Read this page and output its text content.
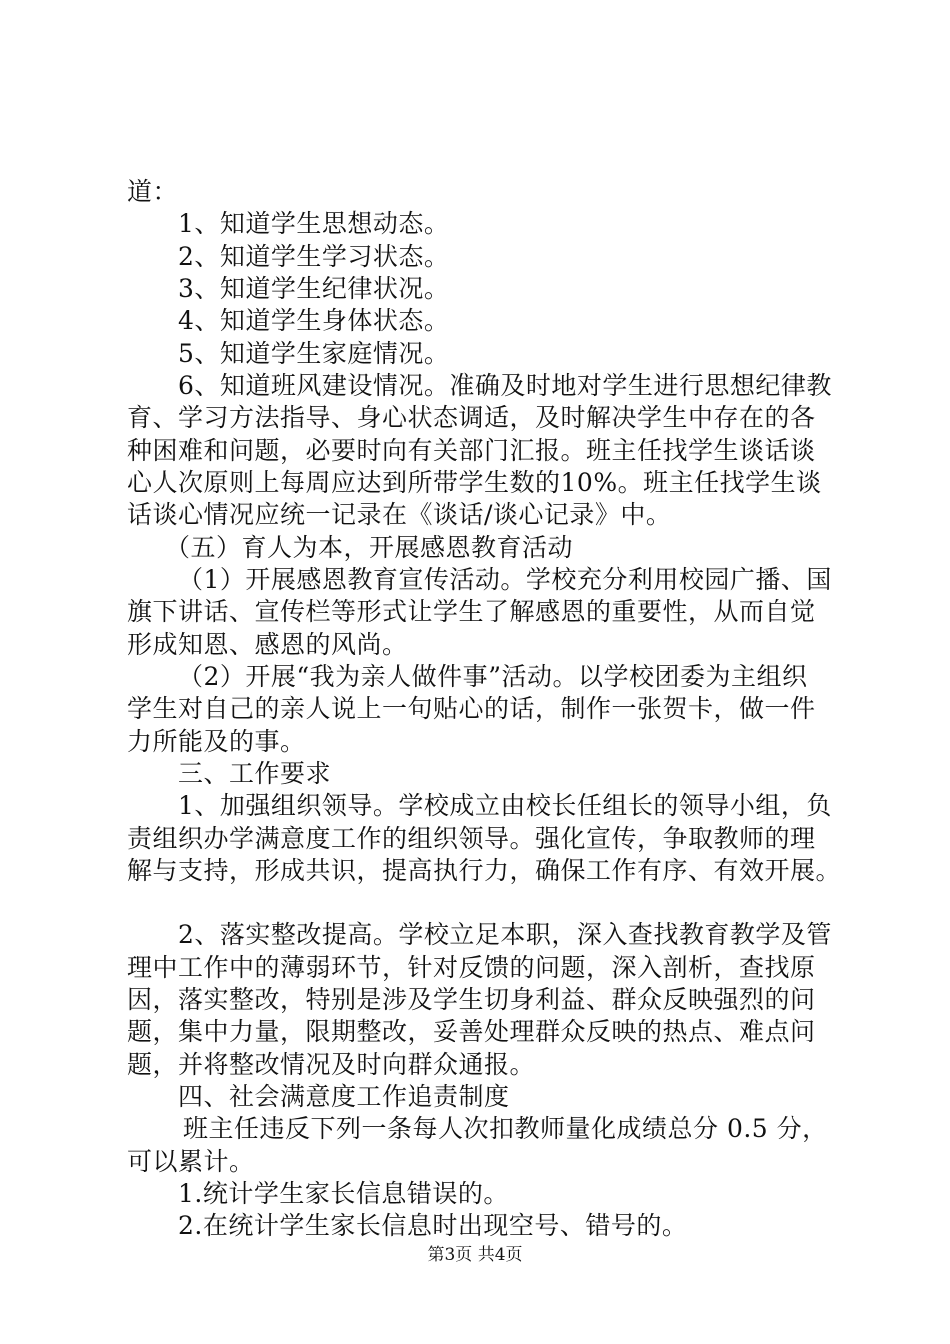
道：
1、知道学生思想动态。
2、知道学生学习状态。
3、知道学生纪律状况。
4、知道学生身体状态。
5、知道学生家庭情况。
6、知道班风建设情况。准确及时地对学生进行思想纪律教
育、学习方法指导、身心状态调适，及时解决学生中存在的各
种困难和问题，必要时向有关部门汇报。班主任找学生谈话谈
心人次原则上每周应达到所带学生数的10%。班主任找学生谈
话谈心情况应统一记录在《谈话/谈心记录》中。
（五）育人为本，开展感恩教育活动
（1）开展感恩教育宣传活动。学校充分利用校园广播、国
旗下讲话、宣传栏等形式让学生了解感恩的重要性，从而自觉
形成知恩、感恩的风尚。
（2）开展“我为亲人做件事”活动。以学校团委为主组织
学生对自己的亲人说上一句贴心的话，制作一张贺卡，做一件
力所能及的事。
三、工作要求
1、加强组织领导。学校成立由校长任组长的领导小组，负
责组织办学满意度工作的组织领导。强化宣传，争取教师的理
解与支持，形成共识，提高执行力，确保工作有序、有效开展。
2、落实整改提高。学校立足本职，深入查找教育教学及管
理中工作中的薄弱环节，针对反馈的问题，深入剖析，查找原
因，落实整改，特别是涉及学生切身利益、群众反映强烈的问
题，集中力量，限期整改，妥善处理群众反映的热点、难点问
题，并将整改情况及时向群众通报。
四、社会满意度工作追责制度
班主任违反下列一条每人次扣教师量化成绩总分 0.5 分，
可以累计。
1.统计学生家长信息错误的。
2.在统计学生家长信息时出现空号、错号的。
第3页 共4页
